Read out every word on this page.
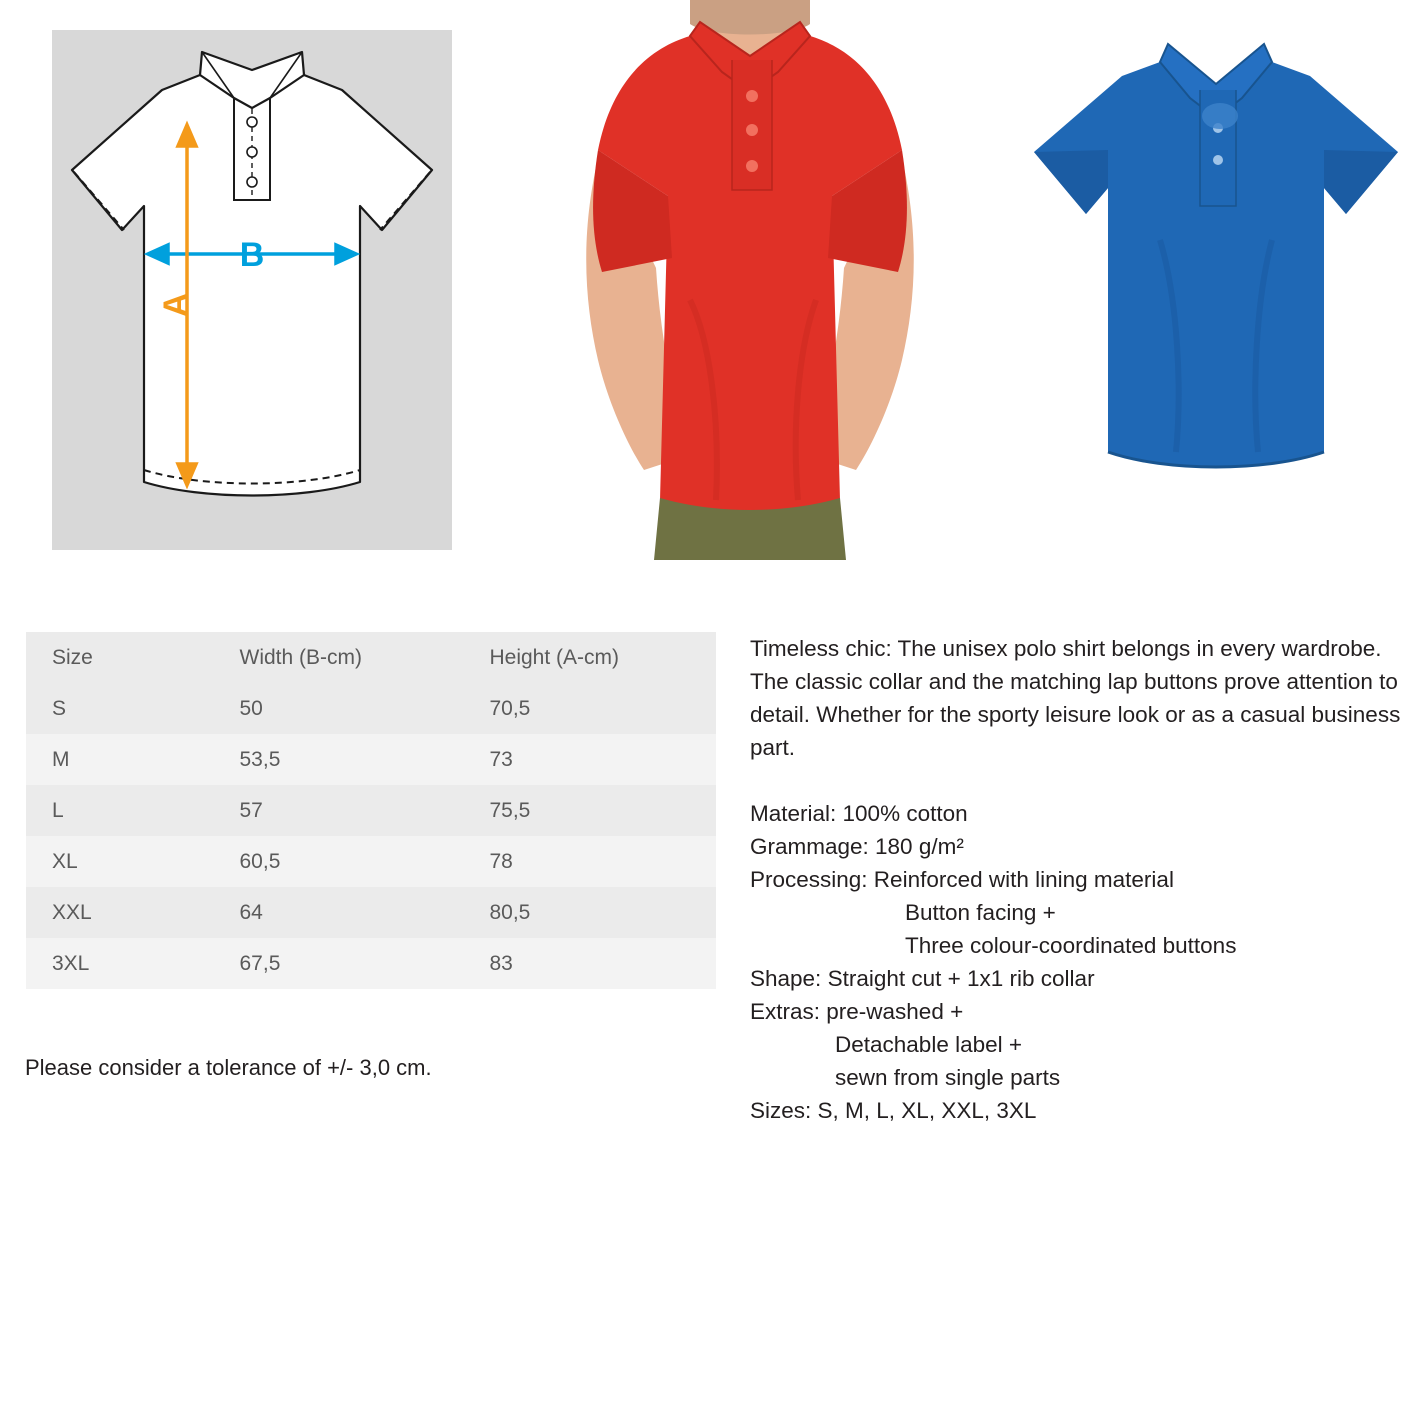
B
A
Size	Width (B-cm)	Height (A-cm)
S	50	70,5
M	53,5	73
L	57	75,5
XL	60,5	78
XXL	64	80,5
3XL	67,5	83
Please consider a tolerance of +/- 3,0 cm.

Timeless chic: The unisex polo shirt belongs in every wardrobe. The classic collar and the matching lap buttons prove attention to detail. Whether for the sporty leisure look or as a casual business part.

Material: 100% cotton
Grammage: 180 g/m²
Processing: Reinforced with lining material
Button facing +
Three colour-coordinated buttons
Shape: Straight cut + 1x1 rib collar
Extras: pre-washed +
Detachable label +
sewn from single parts
Sizes: S, M, L, XL, XXL, 3XL
